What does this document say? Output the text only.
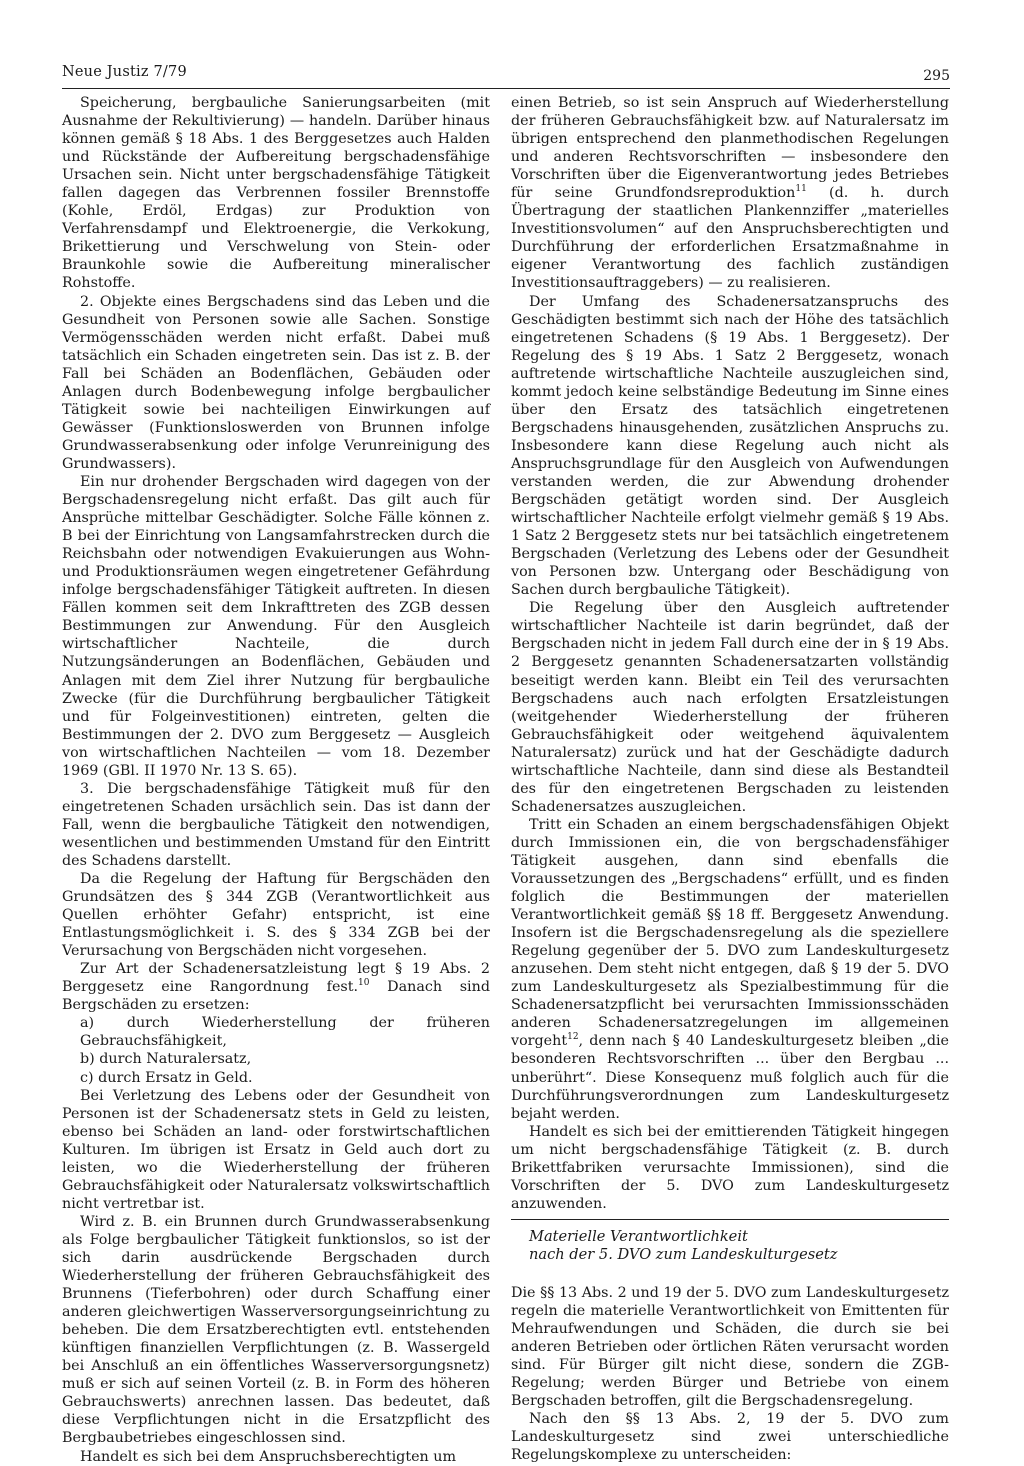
Neue Justiz 7/79	295

Speicherung, bergbauliche Sanierungsarbeiten (mit Ausnahme der Rekultivierung) — handeln. Darüber hinaus können gemäß § 18 Abs. 1 des Berggesetzes auch Halden und Rückstände der Aufbereitung bergschadensfähige Ursachen sein. Nicht unter bergschadensfähige Tätigkeit fallen dagegen das Verbrennen fossiler Brennstoffe (Kohle, Erdöl, Erdgas) zur Produktion von Verfahrensdampf und Elektroenergie, die Verkokung, Brikettierung und Verschwelung von Stein- oder Braunkohle sowie die Aufbereitung mineralischer Rohstoffe.

2. Objekte eines Bergschadens sind das Leben und die Gesundheit von Personen sowie alle Sachen. Sonstige Vermögensschäden werden nicht erfaßt. Dabei muß tatsächlich ein Schaden eingetreten sein. Das ist z. B. der Fall bei Schäden an Bodenflächen, Gebäuden oder Anlagen durch Bodenbewegung infolge bergbaulicher Tätigkeit sowie bei nachteiligen Einwirkungen auf Gewässer (Funktionsloswerden von Brunnen infolge Grundwasserabsenkung oder infolge Verunreinigung des Grundwassers).

Ein nur drohender Bergschaden wird dagegen von der Bergschadensregelung nicht erfaßt. Das gilt auch für Ansprüche mittelbar Geschädigter. Solche Fälle können z. B bei der Einrichtung von Langsamfahrstrecken durch die Reichsbahn oder notwendigen Evakuierungen aus Wohn- und Produktionsräumen wegen eingetretener Gefährdung infolge bergschadensfähiger Tätigkeit auftreten. In diesen Fällen kommen seit dem Inkrafttreten des ZGB dessen Bestimmungen zur Anwendung. Für den Ausgleich wirtschaftlicher Nachteile, die durch Nutzungsänderungen an Bodenflächen, Gebäuden und Anlagen mit dem Ziel ihrer Nutzung für bergbauliche Zwecke (für die Durchführung bergbaulicher Tätigkeit und für Folgeinvestitionen) eintreten, gelten die Bestimmungen der 2. DVO zum Berggesetz — Ausgleich von wirtschaftlichen Nachteilen — vom 18. Dezember 1969 (GBl. II 1970 Nr. 13 S. 65).

3. Die bergschadensfähige Tätigkeit muß für den eingetretenen Schaden ursächlich sein. Das ist dann der Fall, wenn die bergbauliche Tätigkeit den notwendigen, wesentlichen und bestimmenden Umstand für den Eintritt des Schadens darstellt.

Da die Regelung der Haftung für Bergschäden den Grundsätzen des § 344 ZGB (Verantwortlichkeit aus Quellen erhöhter Gefahr) entspricht, ist eine Entlastungsmöglichkeit i. S. des § 334 ZGB bei der Verursachung von Bergschäden nicht vorgesehen.

Zur Art der Schadenersatzleistung legt § 19 Abs. 2 Berggesetz eine Rangordnung fest.$^{10}$ Danach sind Bergschäden zu ersetzen:

a) durch Wiederherstellung der früheren Gebrauchsfähigkeit,

b) durch Naturalersatz,

c) durch Ersatz in Geld.

Bei Verletzung des Lebens oder der Gesundheit von Personen ist der Schadenersatz stets in Geld zu leisten, ebenso bei Schäden an land- oder forstwirtschaftlichen Kulturen. Im übrigen ist Ersatz in Geld auch dort zu leisten, wo die Wiederherstellung der früheren Gebrauchsfähigkeit oder Naturalersatz volkswirtschaftlich nicht vertretbar ist.

Wird z. B. ein Brunnen durch Grundwasserabsenkung als Folge bergbaulicher Tätigkeit funktionslos, so ist der sich darin ausdrückende Bergschaden durch Wiederherstellung der früheren Gebrauchsfähigkeit des Brunnens (Tieferbohren) oder durch Schaffung einer anderen gleichwertigen Wasserversorgungseinrichtung zu beheben. Die dem Ersatzberechtigten evtl. entstehenden künftigen finanziellen Verpflichtungen (z. B. Wassergeld bei Anschluß an ein öffentliches Wasserversorgungsnetz) muß er sich auf seinen Vorteil (z. B. in Form des höheren Gebrauchswerts) anrechnen lassen. Das bedeutet, daß diese Verpflichtungen nicht in die Ersatzpflicht des Bergbaubetriebes eingeschlossen sind.

Handelt es sich bei dem Anspruchsberechtigten um

einen Betrieb, so ist sein Anspruch auf Wiederherstellung der früheren Gebrauchsfähigkeit bzw. auf Naturalersatz im übrigen entsprechend den planmethodischen Regelungen und anderen Rechtsvorschriften — insbesondere den Vorschriften über die Eigenverantwortung jedes Betriebes für seine Grundfondsreproduktion$^{11}$ (d. h. durch Übertragung der staatlichen Plankennziffer „materielles Investitionsvolumen“ auf den Anspruchsberechtigten und Durchführung der erforderlichen Ersatzmaßnahme in eigener Verantwortung des fachlich zuständigen Investitionsauftraggebers) — zu realisieren.

Der Umfang des Schadenersatzanspruchs des Geschädigten bestimmt sich nach der Höhe des tatsächlich eingetretenen Schadens (§ 19 Abs. 1 Berggesetz). Der Regelung des § 19 Abs. 1 Satz 2 Berggesetz, wonach auftretende wirtschaftliche Nachteile auszugleichen sind, kommt jedoch keine selbständige Bedeutung im Sinne eines über den Ersatz des tatsächlich eingetretenen Bergschadens hinausgehenden, zusätzlichen Anspruchs zu. Insbesondere kann diese Regelung auch nicht als Anspruchsgrundlage für den Ausgleich von Aufwendungen verstanden werden, die zur Abwendung drohender Bergschäden getätigt worden sind. Der Ausgleich wirtschaftlicher Nachteile erfolgt vielmehr gemäß § 19 Abs. 1 Satz 2 Berggesetz stets nur bei tatsächlich eingetretenem Bergschaden (Verletzung des Lebens oder der Gesundheit von Personen bzw. Untergang oder Beschädigung von Sachen durch bergbauliche Tätigkeit).

Die Regelung über den Ausgleich auftretender wirtschaftlicher Nachteile ist darin begründet, daß der Bergschaden nicht in jedem Fall durch eine der in § 19 Abs. 2 Berggesetz genannten Schadenersatzarten vollständig beseitigt werden kann. Bleibt ein Teil des verursachten Bergschadens auch nach erfolgten Ersatzleistungen (weitgehender Wiederherstellung der früheren Gebrauchsfähigkeit oder weitgehend äquivalentem Naturalersatz) zurück und hat der Geschädigte dadurch wirtschaftliche Nachteile, dann sind diese als Bestandteil des für den eingetretenen Bergschaden zu leistenden Schadenersatzes auszugleichen.

Tritt ein Schaden an einem bergschadensfähigen Objekt durch Immissionen ein, die von bergschadensfähiger Tätigkeit ausgehen, dann sind ebenfalls die Voraussetzungen des „Bergschadens“ erfüllt, und es finden folglich die Bestimmungen der materiellen Verantwortlichkeit gemäß §§ 18 ff. Berggesetz Anwendung. Insofern ist die Bergschadensregelung als die speziellere Regelung gegenüber der 5. DVO zum Landeskulturgesetz anzusehen. Dem steht nicht entgegen, daß § 19 der 5. DVO zum Landeskulturgesetz als Spezialbestimmung für die Schadenersatzpflicht bei verursachten Immissionsschäden anderen Schadenersatzregelungen im allgemeinen vorgeht$^{12}$, denn nach § 40 Landeskulturgesetz bleiben „die besonderen Rechtsvorschriften ... über den Bergbau ... unberührt“. Diese Konsequenz muß folglich auch für die Durchführungsverordnungen zum Landeskulturgesetz bejaht werden.

Handelt es sich bei der emittierenden Tätigkeit hingegen um nicht bergschadensfähige Tätigkeit (z. B. durch Brikettfabriken verursachte Immissionen), sind die Vorschriften der 5. DVO zum Landeskulturgesetz anzuwenden.

Materielle Verantwortlichkeit

nach der 5. DVO zum Landeskulturgesetz

Die §§ 13 Abs. 2 und 19 der 5. DVO zum Landeskulturgesetz regeln die materielle Verantwortlichkeit von Emittenten für Mehraufwendungen und Schäden, die durch sie bei anderen Betrieben oder örtlichen Räten verursacht worden sind. Für Bürger gilt nicht diese, sondern die ZGB-Regelung; werden Bürger und Betriebe von einem Bergschaden betroffen, gilt die Bergschadensregelung.

Nach den §§ 13 Abs. 2, 19 der 5. DVO zum Landeskulturgesetz sind zwei unterschiedliche Regelungskomplexe zu unterscheiden:
